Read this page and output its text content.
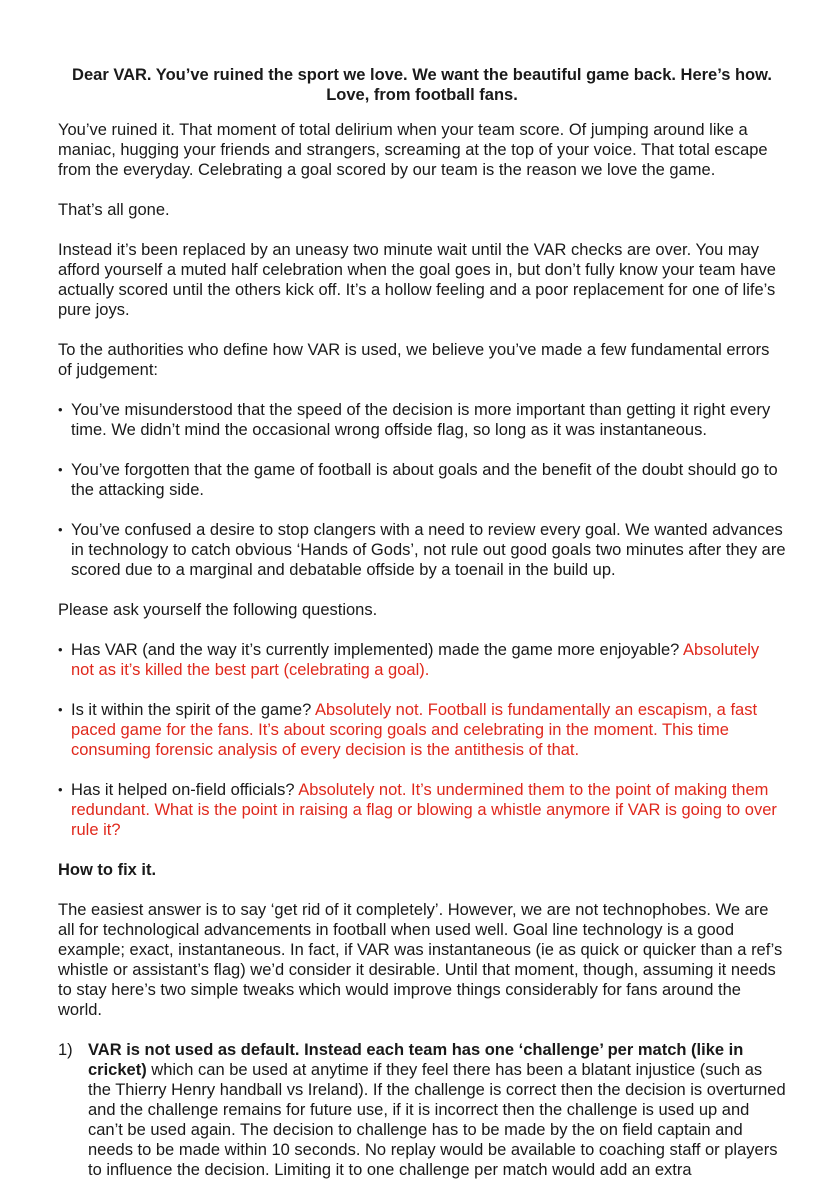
Dear VAR. You’ve ruined the sport we love. We want the beautiful game back. Here’s how.
Love, from football fans.

You’ve ruined it. That moment of total delirium when your team score. Of jumping around like a maniac, hugging your friends and strangers, screaming at the top of your voice. That total escape from the everyday. Celebrating a goal scored by our team is the reason we love the game.

That’s all gone.

Instead it’s been replaced by an uneasy two minute wait until the VAR checks are over. You may afford yourself a muted half celebration when the goal goes in, but don’t fully know your team have actually scored until the others kick off. It’s a hollow feeling and a poor replacement for one of life’s pure joys.

To the authorities who define how VAR is used, we believe you’ve made a few fundamental errors of judgement:

• You’ve misunderstood that the speed of the decision is more important than getting it right every time. We didn’t mind the occasional wrong offside flag, so long as it was instantaneous.
• You’ve forgotten that the game of football is about goals and the benefit of the doubt should go to the attacking side.
• You’ve confused a desire to stop clangers with a need to review every goal. We wanted advances in technology to catch obvious ‘Hands of Gods’, not rule out good goals two minutes after they are scored due to a marginal and debatable offside by a toenail in the build up.

Please ask yourself the following questions.

• Has VAR (and the way it’s currently implemented) made the game more enjoyable? Absolutely not as it’s killed the best part (celebrating a goal).
• Is it within the spirit of the game? Absolutely not. Football is fundamentally an escapism, a fast paced game for the fans. It’s about scoring goals and celebrating in the moment. This time consuming forensic analysis of every decision is the antithesis of that.
• Has it helped on-field officials? Absolutely not. It’s undermined them to the point of making them redundant. What is the point in raising a flag or blowing a whistle anymore if VAR is going to over rule it?
How to fix it.

The easiest answer is to say ‘get rid of it completely’. However, we are not technophobes. We are all for technological advancements in football when used well. Goal line technology is a good example; exact, instantaneous. In fact, if VAR was instantaneous (ie as quick or quicker than a ref’s whistle or assistant’s flag) we’d consider it desirable. Until that moment, though, assuming it needs to stay here’s two simple tweaks which would improve things considerably for fans around the world.

1) VAR is not used as default. Instead each team has one ‘challenge’ per match (like in cricket) which can be used at anytime if they feel there has been a blatant injustice (such as the Thierry Henry handball vs Ireland). If the challenge is correct then the decision is overturned and the challenge remains for future use, if it is incorrect then the challenge is used up and can’t be used again. The decision to challenge has to be made by the on field captain and needs to be made within 10 seconds. No replay would be available to coaching staff or players to influence the decision. Limiting it to one challenge per match would add an extra
